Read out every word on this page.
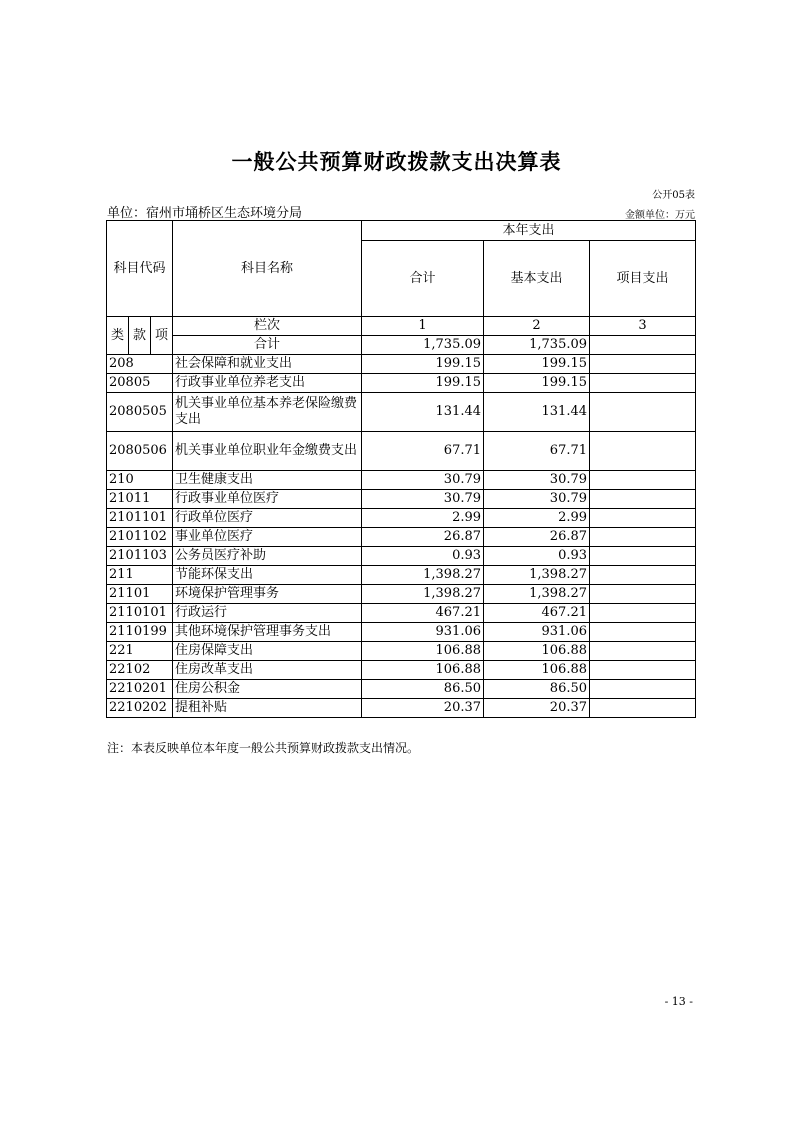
一般公共预算财政拨款支出决算表
公开05表
单位：宿州市埇桥区生态环境分局	金额单位：万元
科目代码			科目名称	本年支出		
				合计	基本支出	项目支出
类	款	项	栏次	1	2	3
			合计	1,735.09	1,735.09	
208			社会保障和就业支出	199.15	199.15	
20805			行政事业单位养老支出	199.15	199.15	
2080505			机关事业单位基本养老保险缴费支出	131.44	131.44	
2080506			机关事业单位职业年金缴费支出	67.71	67.71	
210			卫生健康支出	30.79	30.79	
21011			行政事业单位医疗	30.79	30.79	
2101101			行政单位医疗	2.99	2.99	
2101102			事业单位医疗	26.87	26.87	
2101103			公务员医疗补助	0.93	0.93	
211			节能环保支出	1,398.27	1,398.27	
21101			环境保护管理事务	1,398.27	1,398.27	
2110101			行政运行	467.21	467.21	
2110199			其他环境保护管理事务支出	931.06	931.06	
221			住房保障支出	106.88	106.88	
22102			住房改革支出	106.88	106.88	
2210201			住房公积金	86.50	86.50	
2210202			提租补贴	20.37	20.37	
注：本表反映单位本年度一般公共预算财政拨款支出情况。
- 13 -
